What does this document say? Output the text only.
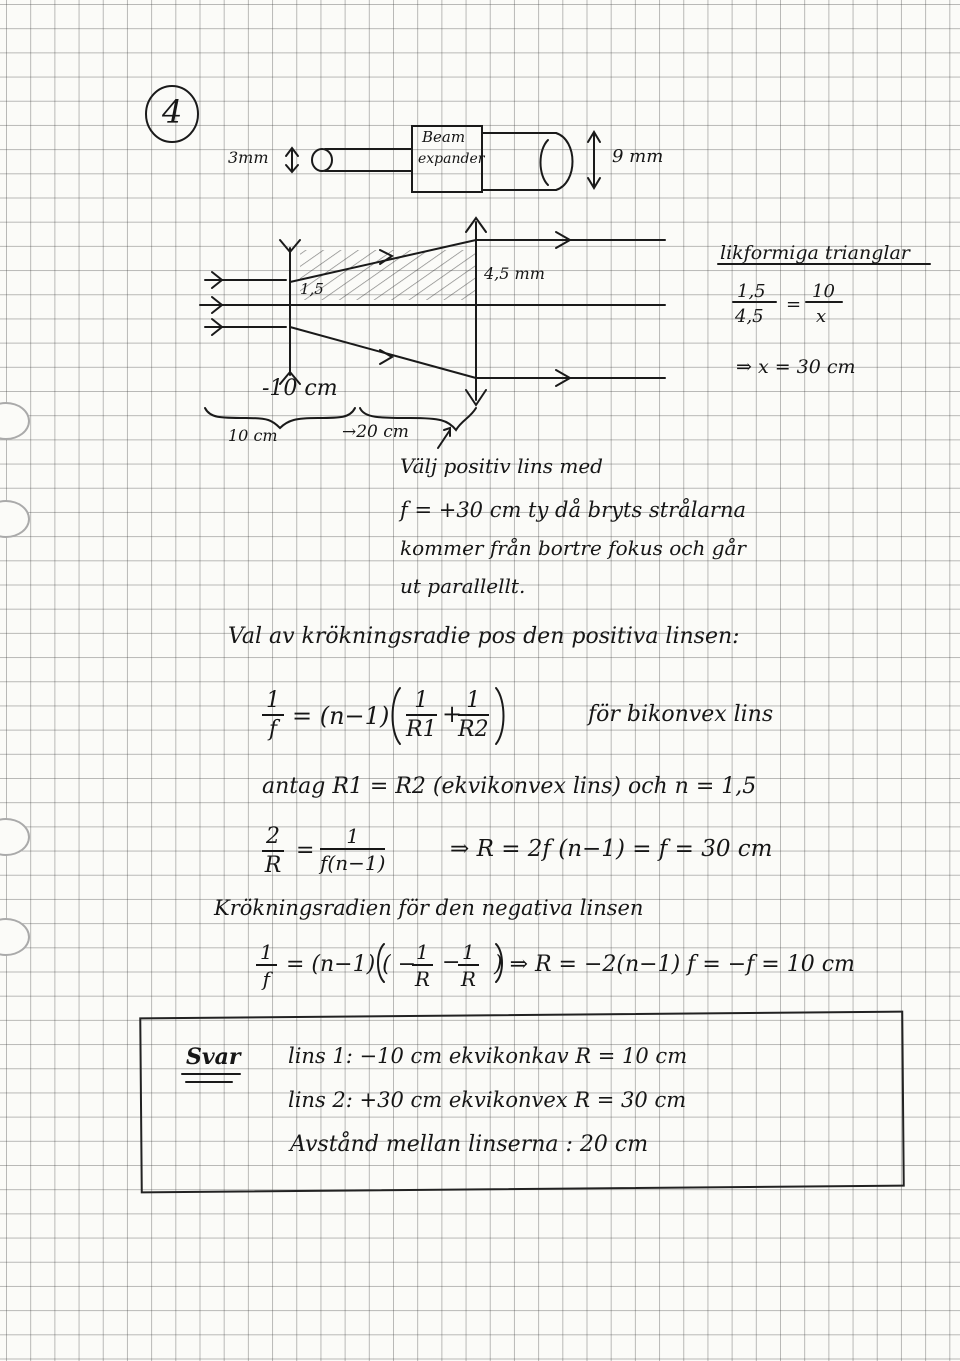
4
3mm
Beam
expander	9 mm
1,5
4,5 mm
-10 cm
10 cm	→20 cm
likformiga trianglar
1,5
4,5
=
10
x
⇒ x = 30 cm
Välj positiv lins med
f = +30 cm ty då bryts strålarna
kommer från bortre fokus och går
ut parallellt.
Val av krökningsradie pos den positiva linsen:
$\frac{1}{f} = (n-1) \frac{1}{R1}$ +
$\frac{1}{R2}$	för bikonvex lins
antag R1 = R2 (ekvikonvex lins) och n = 1,5
$\frac{2}{R} = \frac{1}{f(n-1)}$	⇒ R = 2f (n−1) = f = 30 cm
Krökningsradien för den negativa linsen
$\frac{1}{f} = (n-1)$ ( −
$\frac{1}{R}$ −
$\frac{1}{R}$ ) ⇒ R = −2(n−1) f = −f = 10 cm
Svar lins 1: −10 cm ekvikonkav R = 10 cm
lins 2: +30 cm ekvikonvex R = 30 cm
Avstånd mellan linserna : 20 cm
